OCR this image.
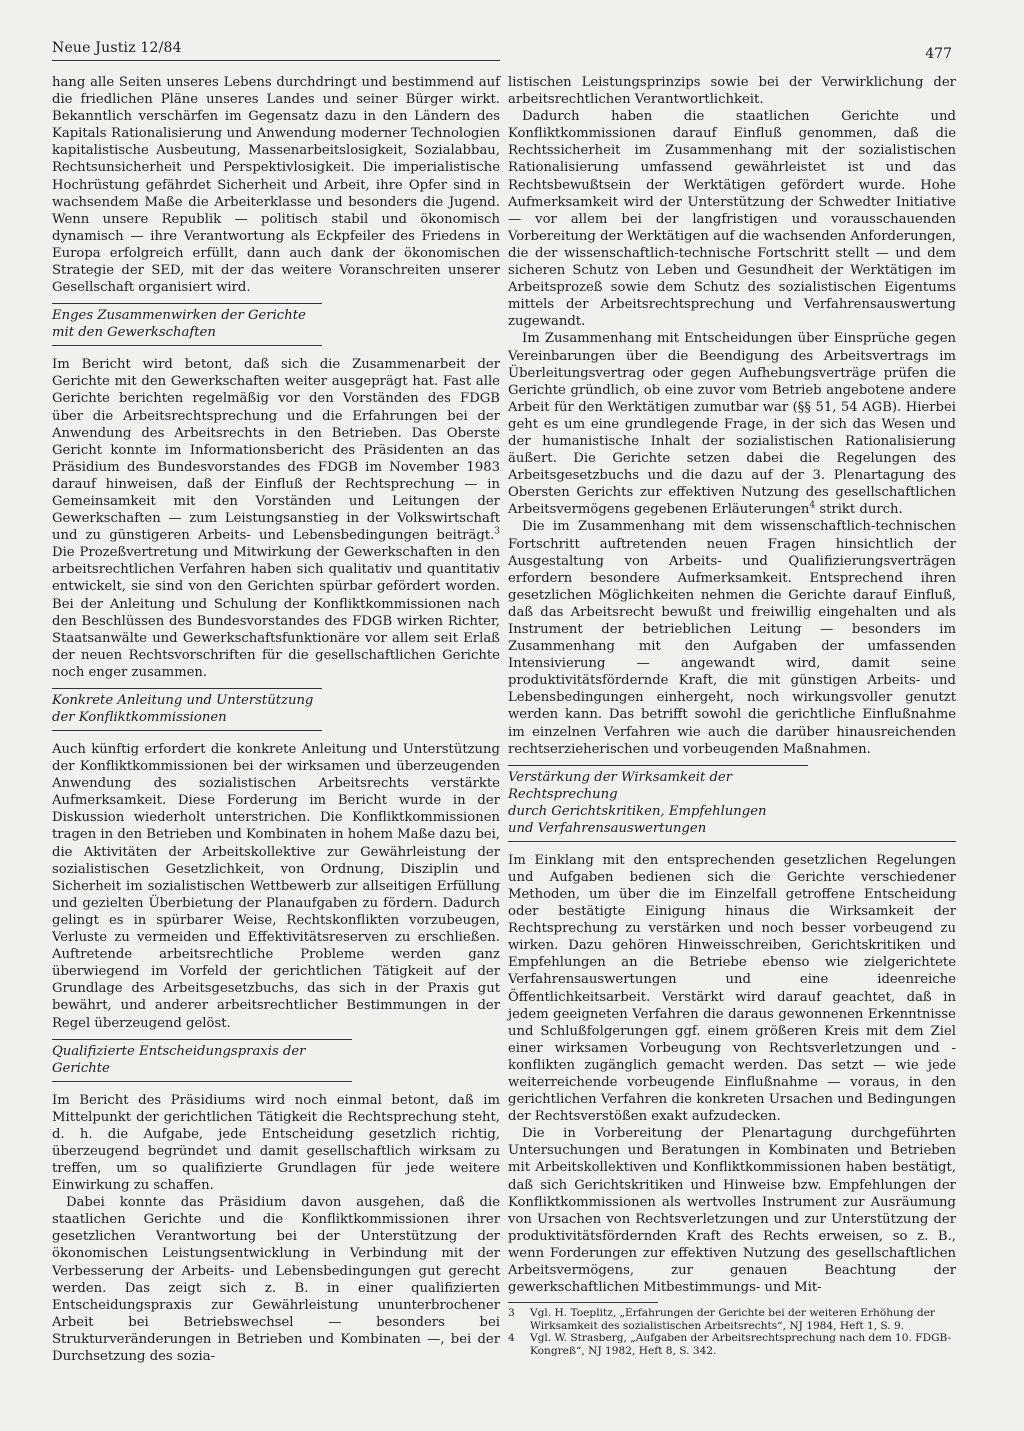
Neue Justiz 12/84	477

hang alle Seiten unseres Lebens durchdringt und bestimmend auf die friedlichen Pläne unseres Landes und seiner Bürger wirkt. Bekanntlich verschärfen im Gegensatz dazu in den Ländern des Kapitals Rationalisierung und Anwendung moderner Technologien kapitalistische Ausbeutung, Massenarbeitslosigkeit, Sozialabbau, Rechtsunsicherheit und Perspektivlosigkeit. Die imperialistische Hochrüstung gefährdet Sicherheit und Arbeit, ihre Opfer sind in wachsendem Maße die Arbeiterklasse und besonders die Jugend. Wenn unsere Republik — politisch stabil und ökonomisch dynamisch — ihre Verantwortung als Eckpfeiler des Friedens in Europa erfolgreich erfüllt, dann auch dank der ökonomischen Strategie der SED, mit der das weitere Voranschreiten unserer Gesellschaft organisiert wird.

Enges Zusammenwirken der Gerichte
mit den Gewerkschaften

Im Bericht wird betont, daß sich die Zusammenarbeit der Gerichte mit den Gewerkschaften weiter ausgeprägt hat. Fast alle Gerichte berichten regelmäßig vor den Vorständen des FDGB über die Arbeitsrechtsprechung und die Erfahrungen bei der Anwendung des Arbeitsrechts in den Betrieben. Das Oberste Gericht konnte im Informationsbericht des Präsidenten an das Präsidium des Bundesvorstandes des FDGB im November 1983 darauf hinweisen, daß der Einfluß der Rechtsprechung — in Gemeinsamkeit mit den Vorständen und Leitungen der Gewerkschaften — zum Leistungsanstieg in der Volkswirtschaft und zu günstigeren Arbeits- und Lebensbedingungen beiträgt.$^3$ Die Prozeßvertretung und Mitwirkung der Gewerkschaften in den arbeitsrechtlichen Verfahren haben sich qualitativ und quantitativ entwickelt, sie sind von den Gerichten spürbar gefördert worden. Bei der Anleitung und Schulung der Konfliktkommissionen nach den Beschlüssen des Bundesvorstandes des FDGB wirken Richter, Staatsanwälte und Gewerkschaftsfunktionäre vor allem seit Erlaß der neuen Rechtsvorschriften für die gesellschaftlichen Gerichte noch enger zusammen.

Konkrete Anleitung und Unterstützung
der Konfliktkommissionen

Auch künftig erfordert die konkrete Anleitung und Unterstützung der Konfliktkommissionen bei der wirksamen und überzeugenden Anwendung des sozialistischen Arbeitsrechts verstärkte Aufmerksamkeit. Diese Forderung im Bericht wurde in der Diskussion wiederholt unterstrichen. Die Konfliktkommissionen tragen in den Betrieben und Kombinaten in hohem Maße dazu bei, die Aktivitäten der Arbeitskollektive zur Gewährleistung der sozialistischen Gesetzlichkeit, von Ordnung, Disziplin und Sicherheit im sozialistischen Wettbewerb zur allseitigen Erfüllung und gezielten Überbietung der Planaufgaben zu fördern. Dadurch gelingt es in spürbarer Weise, Rechtskonflikten vorzubeugen, Verluste zu vermeiden und Effektivitätsreserven zu erschließen. Auftretende arbeitsrechtliche Probleme werden ganz überwiegend im Vorfeld der gerichtlichen Tätigkeit auf der Grundlage des Arbeitsgesetzbuchs, das sich in der Praxis gut bewährt, und anderer arbeitsrechtlicher Bestimmungen in der Regel überzeugend gelöst.

Qualifizierte Entscheidungspraxis der Gerichte

Im Bericht des Präsidiums wird noch einmal betont, daß im Mittelpunkt der gerichtlichen Tätigkeit die Rechtsprechung steht, d. h. die Aufgabe, jede Entscheidung gesetzlich richtig, überzeugend begründet und damit gesellschaftlich wirksam zu treffen, um so qualifizierte Grundlagen für jede weitere Einwirkung zu schaffen.

Dabei konnte das Präsidium davon ausgehen, daß die staatlichen Gerichte und die Konfliktkommissionen ihrer gesetzlichen Verantwortung bei der Unterstützung der ökonomischen Leistungsentwicklung in Verbindung mit der Verbesserung der Arbeits- und Lebensbedingungen gut gerecht werden. Das zeigt sich z. B. in einer qualifizierten Entscheidungspraxis zur Gewährleistung ununterbrochener Arbeit bei Betriebswechsel — besonders bei Strukturveränderungen in Betrieben und Kombinaten —, bei der Durchsetzung des sozia-

listischen Leistungsprinzips sowie bei der Verwirklichung der arbeitsrechtlichen Verantwortlichkeit.

Dadurch haben die staatlichen Gerichte und Konfliktkommissionen darauf Einfluß genommen, daß die Rechtssicherheit im Zusammenhang mit der sozialistischen Rationalisierung umfassend gewährleistet ist und das Rechtsbewußtsein der Werktätigen gefördert wurde. Hohe Aufmerksamkeit wird der Unterstützung der Schwedter Initiative — vor allem bei der langfristigen und vorausschauenden Vorbereitung der Werktätigen auf die wachsenden Anforderungen, die der wissenschaftlich-technische Fortschritt stellt — und dem sicheren Schutz von Leben und Gesundheit der Werktätigen im Arbeitsprozeß sowie dem Schutz des sozialistischen Eigentums mittels der Arbeitsrechtsprechung und Verfahrensauswertung zugewandt.

Im Zusammenhang mit Entscheidungen über Einsprüche gegen Vereinbarungen über die Beendigung des Arbeitsvertrags im Überleitungsvertrag oder gegen Aufhebungsverträge prüfen die Gerichte gründlich, ob eine zuvor vom Betrieb angebotene andere Arbeit für den Werktätigen zumutbar war (§§ 51, 54 AGB). Hierbei geht es um eine grundlegende Frage, in der sich das Wesen und der humanistische Inhalt der sozialistischen Rationalisierung äußert. Die Gerichte setzen dabei die Regelungen des Arbeitsgesetzbuchs und die dazu auf der 3. Plenartagung des Obersten Gerichts zur effektiven Nutzung des gesellschaftlichen Arbeitsvermögens gegebenen Erläuterungen$^4$ strikt durch.

Die im Zusammenhang mit dem wissenschaftlich-technischen Fortschritt auftretenden neuen Fragen hinsichtlich der Ausgestaltung von Arbeits- und Qualifizierungsverträgen erfordern besondere Aufmerksamkeit. Entsprechend ihren gesetzlichen Möglichkeiten nehmen die Gerichte darauf Einfluß, daß das Arbeitsrecht bewußt und freiwillig eingehalten und als Instrument der betrieblichen Leitung — besonders im Zusammenhang mit den Aufgaben der umfassenden Intensivierung — angewandt wird, damit seine produktivitätsfördernde Kraft, die mit günstigen Arbeits- und Lebensbedingungen einhergeht, noch wirkungsvoller genutzt werden kann. Das betrifft sowohl die gerichtliche Einflußnahme im einzelnen Verfahren wie auch die darüber hinausreichenden rechtserzieherischen und vorbeugenden Maßnahmen.

Verstärkung der Wirksamkeit der Rechtsprechung
durch Gerichtskritiken, Empfehlungen
und Verfahrensauswertungen

Im Einklang mit den entsprechenden gesetzlichen Regelungen und Aufgaben bedienen sich die Gerichte verschiedener Methoden, um über die im Einzelfall getroffene Entscheidung oder bestätigte Einigung hinaus die Wirksamkeit der Rechtsprechung zu verstärken und noch besser vorbeugend zu wirken. Dazu gehören Hinweisschreiben, Gerichtskritiken und Empfehlungen an die Betriebe ebenso wie zielgerichtete Verfahrensauswertungen und eine ideenreiche Öffentlichkeitsarbeit. Verstärkt wird darauf geachtet, daß in jedem geeigneten Verfahren die daraus gewonnenen Erkenntnisse und Schlußfolgerungen ggf. einem größeren Kreis mit dem Ziel einer wirksamen Vorbeugung von Rechtsverletzungen und -konflikten zugänglich gemacht werden. Das setzt — wie jede weiterreichende vorbeugende Einflußnahme — voraus, in den gerichtlichen Verfahren die konkreten Ursachen und Bedingungen der Rechtsverstößen exakt aufzudecken.

Die in Vorbereitung der Plenartagung durchgeführten Untersuchungen und Beratungen in Kombinaten und Betrieben mit Arbeitskollektiven und Konfliktkommissionen haben bestätigt, daß sich Gerichtskritiken und Hinweise bzw. Empfehlungen der Konfliktkommissionen als wertvolles Instrument zur Ausräumung von Ursachen von Rechtsverletzungen und zur Unterstützung der produktivitätsfördernden Kraft des Rechts erweisen, so z. B., wenn Forderungen zur effektiven Nutzung des gesellschaftlichen Arbeitsvermögens, zur genauen Beachtung der gewerkschaftlichen Mitbestimmungs- und Mit-

3 Vgl. H. Toeplitz, „Erfahrungen der Gerichte bei der weiteren Erhöhung der Wirksamkeit des sozialistischen Arbeitsrechts“, NJ 1984, Heft 1, S. 9.
4 Vgl. W. Strasberg, „Aufgaben der Arbeitsrechtsprechung nach dem 10. FDGB-Kongreß“, NJ 1982, Heft 8, S. 342.
